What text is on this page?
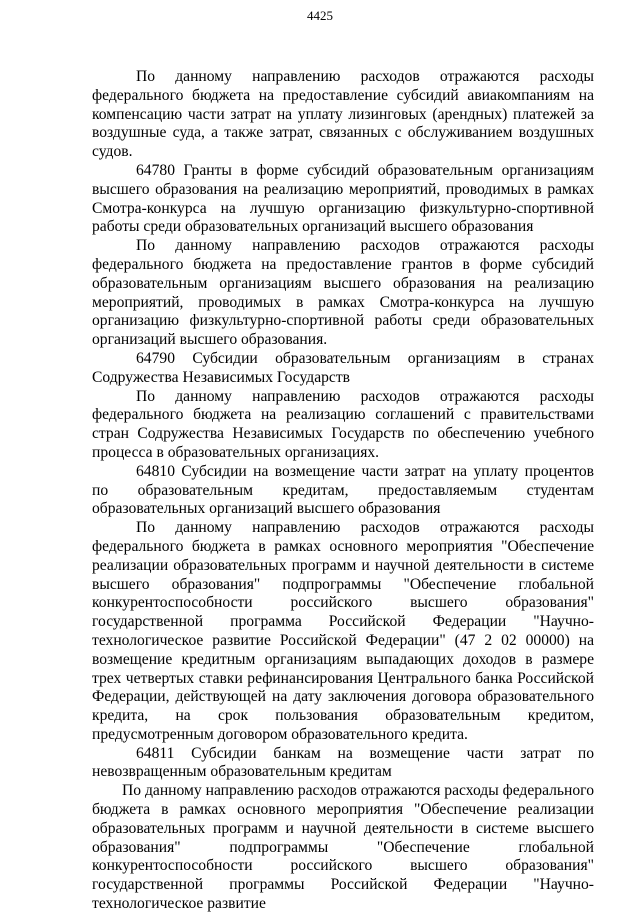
4425

По данному направлению расходов отражаются расходы федерального бюджета на предоставление субсидий авиакомпаниям на компенсацию части затрат на уплату лизинговых (арендных) платежей за воздушные суда, а также затрат, связанных с обслуживанием воздушных судов.

64780 Гранты в форме субсидий образовательным организациям высшего образования на реализацию мероприятий, проводимых в рамках Смотра-конкурса на лучшую организацию физкультурно-спортивной работы среди образовательных организаций высшего образования

По данному направлению расходов отражаются расходы федерального бюджета на предоставление грантов в форме субсидий образовательным организациям высшего образования на реализацию мероприятий, проводимых в рамках Смотра-конкурса на лучшую организацию физкультурно-спортивной работы среди образовательных организаций высшего образования.

64790 Субсидии образовательным организациям в странах Содружества Независимых Государств

По данному направлению расходов отражаются расходы федерального бюджета на реализацию соглашений с правительствами стран Содружества Независимых Государств по обеспечению учебного процесса в образовательных организациях.

64810 Субсидии на возмещение части затрат на уплату процентов по образовательным кредитам, предоставляемым студентам образовательных организаций высшего образования

По данному направлению расходов отражаются расходы федерального бюджета в рамках основного мероприятия "Обеспечение реализации образовательных программ и научной деятельности в системе высшего образования" подпрограммы "Обеспечение глобальной конкурентоспособности российского высшего образования" государственной программа Российской Федерации "Научно-технологическое развитие Российской Федерации" (47 2 02 00000) на возмещение кредитным организациям выпадающих доходов в размере трех четвертых ставки рефинансирования Центрального банка Российской Федерации, действующей на дату заключения договора образовательного кредита, на срок пользования образовательным кредитом, предусмотренным договором образовательного кредита.

64811 Субсидии банкам на возмещение части затрат по невозвращенным образовательным кредитам

По данному направлению расходов отражаются расходы федерального бюджета в рамках основного мероприятия "Обеспечение реализации образовательных программ и научной деятельности в системе высшего образования" подпрограммы "Обеспечение глобальной конкурентоспособности российского высшего образования" государственной программы Российской Федерации "Научно-технологическое развитие
